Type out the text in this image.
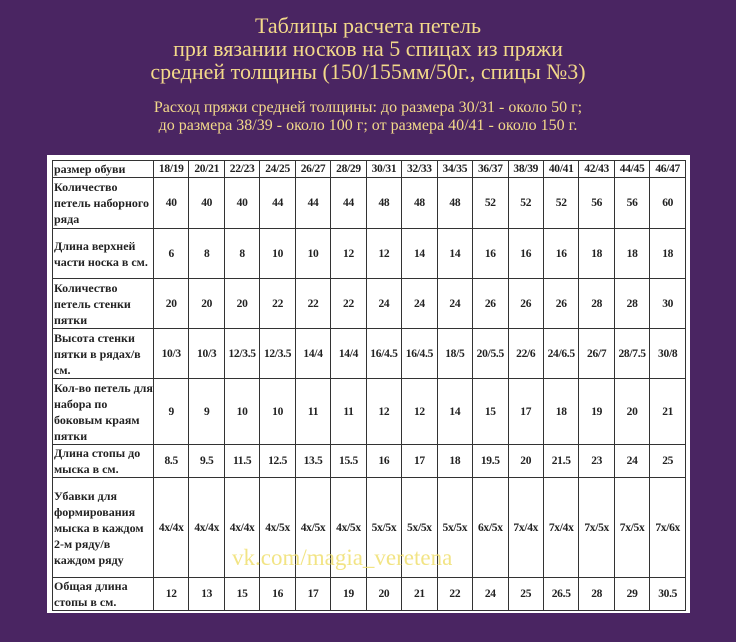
Таблицы расчета петель
при вязании носков на 5 спицах из пряжи
средней толщины (150/155мм/50г., спицы №3)
Расход пряжи средней толщины: до размера 30/31 - около 50 г;
до размера 38/39 - около 100 г; от размера 40/41 - около 150 г.
размер обуви	18/19	20/21	22/23	24/25	26/27	28/29	30/31	32/33	34/35	36/37	38/39	40/41	42/43	44/45	46/47
Количество петель наборного ряда	40	40	40	44	44	44	48	48	48	52	52	52	56	56	60
Длина верхней части носка в см.	6	8	8	10	10	12	12	14	14	16	16	16	18	18	18
Количество петель стенки пятки	20	20	20	22	22	22	24	24	24	26	26	26	28	28	30
Высота стенки пятки в рядах/в см.	10/3	10/3	12/3.5	12/3.5	14/4	14/4	16/4.5	16/4.5	18/5	20/5.5	22/6	24/6.5	26/7	28/7.5	30/8
Кол-во петель для набора по боковым краям пятки	9	9	10	10	11	11	12	12	14	15	17	18	19	20	21
Длина стопы до мыска в см.	8.5	9.5	11.5	12.5	13.5	15.5	16	17	18	19.5	20	21.5	23	24	25
Убавки для формирования мыска в каждом 2-м ряду/в каждом ряду	4x/4x	4x/4x	4x/4x	4x/5x	4x/5x	4x/5x	5x/5x	5x/5x	5x/5x	6x/5x	7x/4x	7x/4x	7x/5x	7x/5x	7x/6x
Общая длина стопы в см.	12	13	15	16	17	19	20	21	22	24	25	26.5	28	29	30.5
vk.com/magia_veretena
